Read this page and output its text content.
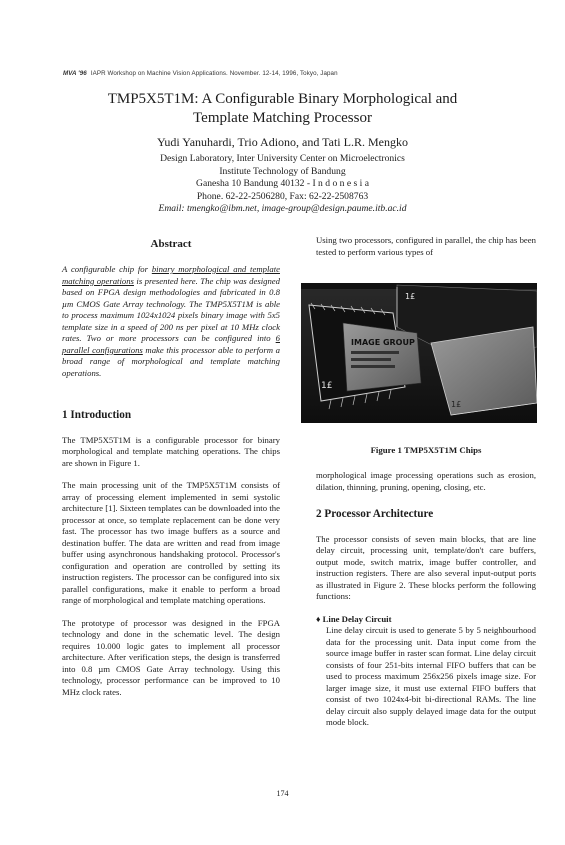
MVA '96 IAPR Workshop on Machine Vision Applications. November. 12-14, 1996, Tokyo, Japan
TMP5X5T1M: A Configurable Binary Morphological and
Template Matching Processor
Yudi Yanuhardi, Trio Adiono, and Tati L.R. Mengko
Design Laboratory, Inter University Center on Microelectronics
Institute Technology of Bandung
Ganesha 10 Bandung 40132 - I n d o n e s i a
Phone. 62-22-2506280, Fax: 62-22-2508763
Email: tmengko@ibm.net, image-group@design.paume.itb.ac.id
Abstract
A configurable chip for binary morphological and template matching operations is presented here. The chip was designed based on FPGA design methodologies and fabricated in 0.8 µm CMOS Gate Array technology. The TMP5X5T1M is able to process maximum 1024x1024 pixels binary image with 5x5 template size in a speed of 200 ns per pixel at 10 MHz clock rates. Two or more processors can be configured into 6 parallel configurations make this processor able to perform a broad range of morphological and template matching operations.
1 Introduction

The TMP5X5T1M is a configurable processor for binary morphological and template matching operations. The chips are shown in Figure 1.

The main processing unit of the TMP5X5T1M consists of array of processing element implemented in semi systolic architecture [1]. Sixteen templates can be downloaded into the processor at once, so template replacement can be done very fast. The processor has two image buffers as a source and destination buffer. The data are written and read from image buffer using asynchronous handshaking protocol. Processor's configuration and operation are controlled by setting its instruction registers. The processor can be configured into six parallel configurations, make it enable to perform a broad range of morphological and template matching operations.

The prototype of processor was designed in the FPGA technology and done in the schematic level. The design requires 10.000 logic gates to implement all processor architecture. After verification steps, the design is transferred into 0.8 µm CMOS Gate Array technology. Using this technology, processor performance can be improved to 10 MHz clock rates.

Using two processors, configured in parallel, the chip has been tested to perform various types of
1£
1£
IMAGE GROUP
1£
Figure 1 TMP5X5T1M Chips

morphological image processing operations such as erosion, dilation, thinning, pruning, opening, closing, etc.

2 Processor Architecture

The processor consists of seven main blocks, that are line delay circuit, processing unit, template/don't care buffers, output mode, switch matrix, image buffer controller, and instruction registers. There are also several input-output ports as illustrated in Figure 2. These blocks perform the following functions:

♦ Line Delay Circuit

Line delay circuit is used to generate 5 by 5 neighbourhood data for the processing unit. Data input come from the source image buffer in raster scan format. Line delay circuit consists of four 251-bits internal FIFO buffers that can be used to process maximum 256x256 pixels image size. For larger image size, it must use external FIFO buffers that consist of two 1024x4-bit bi-directional RAMs. The line delay circuit also supply delayed image data for the output mode block.

174
